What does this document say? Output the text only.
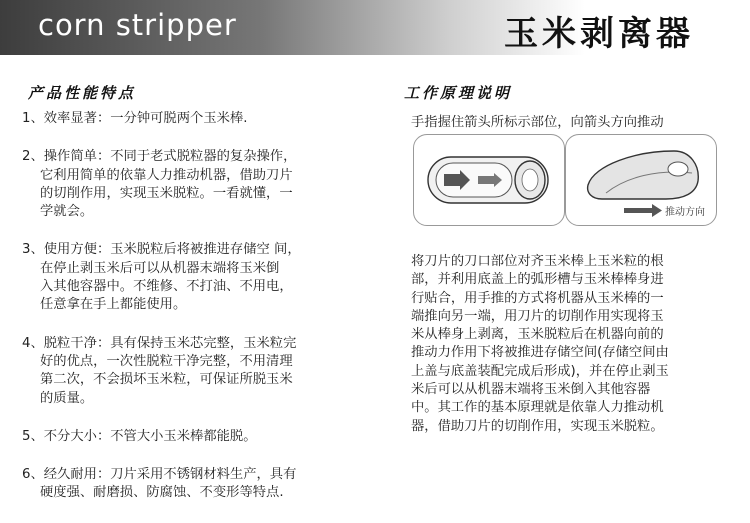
corn stripper	玉米剥离器
产品性能特点	工作原理说明
1、效率显著：一分钟可脱两个玉米棒.
2、操作简单：不同于老式脱粒器的复杂操作，
它利用简单的依靠人力推动机器，借助刀片
的切削作用，实现玉米脱粒。一看就懂，一
学就会。
3、使用方便：玉米脱粒后将被推进存储空 间，
在停止剥玉米后可以从机器末端将玉米倒
入其他容器中。不维修、不打油、不用电，
任意拿在手上都能使用。
4、脱粒干净：具有保持玉米芯完整，玉米粒完
好的优点，一次性脱粒干净完整，不用清理
第二次，不会损坏玉米粒，可保证所脱玉米
的质量。
5、不分大小：不管大小玉米棒都能脱。
6、经久耐用：刀片采用不锈钢材料生产，具有
硬度强、耐磨损、防腐蚀、不变形等特点.
手指握住箭头所标示部位，向箭头方向推动
推动方向
将刀片的刀口部位对齐玉米棒上玉米粒的根
部，并利用底盖上的弧形槽与玉米棒棒身进
行贴合，用手推的方式将机器从玉米棒的一
端推向另一端，用刀片的切削作用实现将玉
米从棒身上剥离，玉米脱粒后在机器向前的
推动力作用下将被推进存储空间(存储空间由
上盖与底盖装配完成后形成)，并在停止剥玉
米后可以从机器末端将玉米倒入其他容器
中。其工作的基本原理就是依靠人力推动机
器，借助刀片的切削作用，实现玉米脱粒。
